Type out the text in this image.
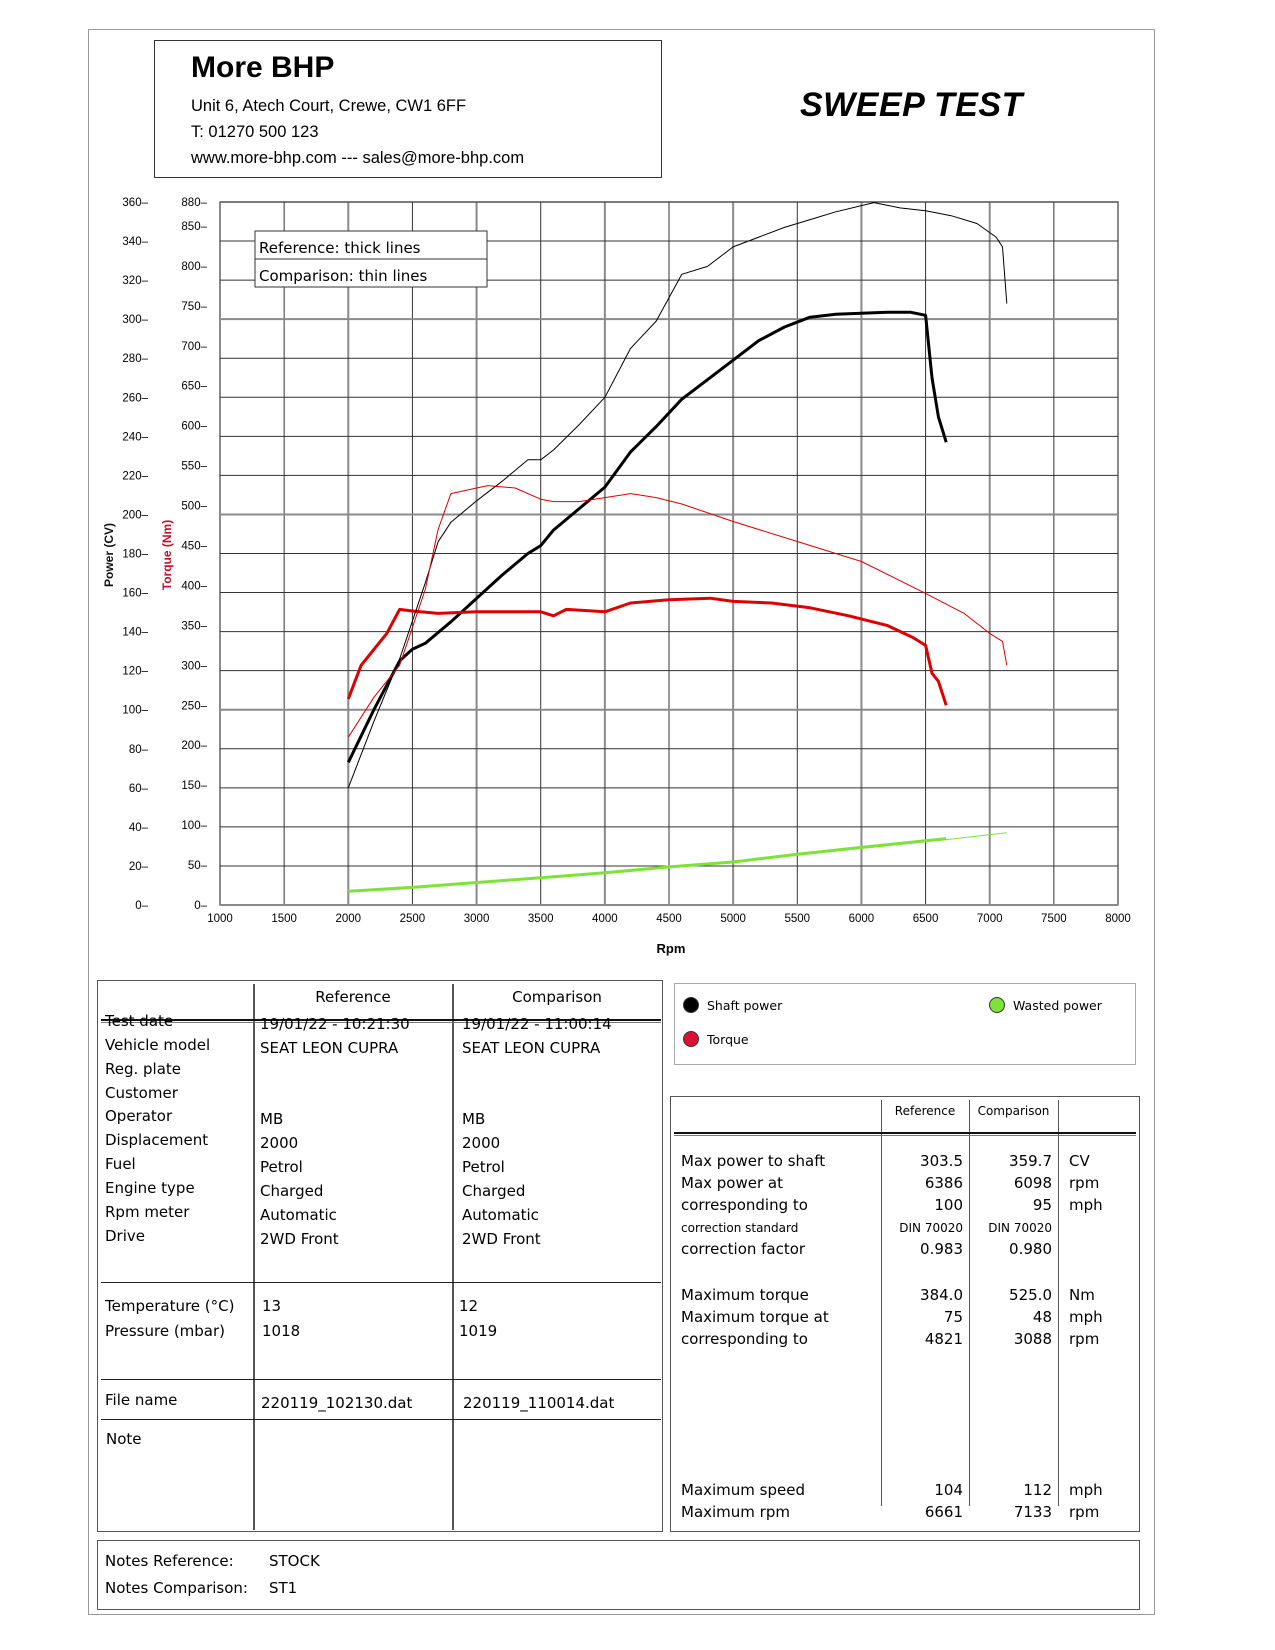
More BHP
Unit 6, Atech Court, Crewe, CW1 6FF
T: 01270 500 123
www.more-bhp.com --- sales@more-bhp.com
SWEEP TEST
1000	1500	2000	2500	3000	3500	4000	4500	5000	5500	6000	6500	7000	7500	8000
0–
20–
40–
60–
80–
100–
120–
140–
160–
180–
200–
220–
240–
260–
280–
300–
320–
340–
360–
0–
50–
100–
150–
200–
250–
300–
350–
400–
450–
500–
550–
600–
650–
700–
750–
800–
850–
880–
Rpm
Power (CV)	Torque (Nm)
Reference: thick lines
Comparison: thin lines
Reference	Comparison
Test date	19/01/22 - 10:21:30	19/01/22 - 11:00:14
Vehicle model	SEAT LEON CUPRA	SEAT LEON CUPRA
Reg. plate
Customer
Operator	MB	MB
Displacement	2000	2000
Fuel	Petrol	Petrol
Engine type	Charged	Charged
Rpm meter	Automatic	Automatic
Drive	2WD Front	2WD Front
Temperature (°C) 13	12
Pressure (mbar) 1018	1019
File name	220119_102130.dat	220119_110014.dat
Note
Shaft power
Torque
Wasted power
Reference	Comparison
Max power to shaft	303.5	359.7 CV
Max power at	6386	6098 rpm
corresponding to	100	95 mph
correction standard	DIN 70020	DIN 70020
correction factor	0.983	0.980
Maximum torque	384.0	525.0 Nm
Maximum torque at	75	48 mph
corresponding to	4821	3088 rpm
Maximum speed	104	112 mph
Maximum rpm	6661	7133 rpm
Notes Reference: STOCK
Notes Comparison: ST1
